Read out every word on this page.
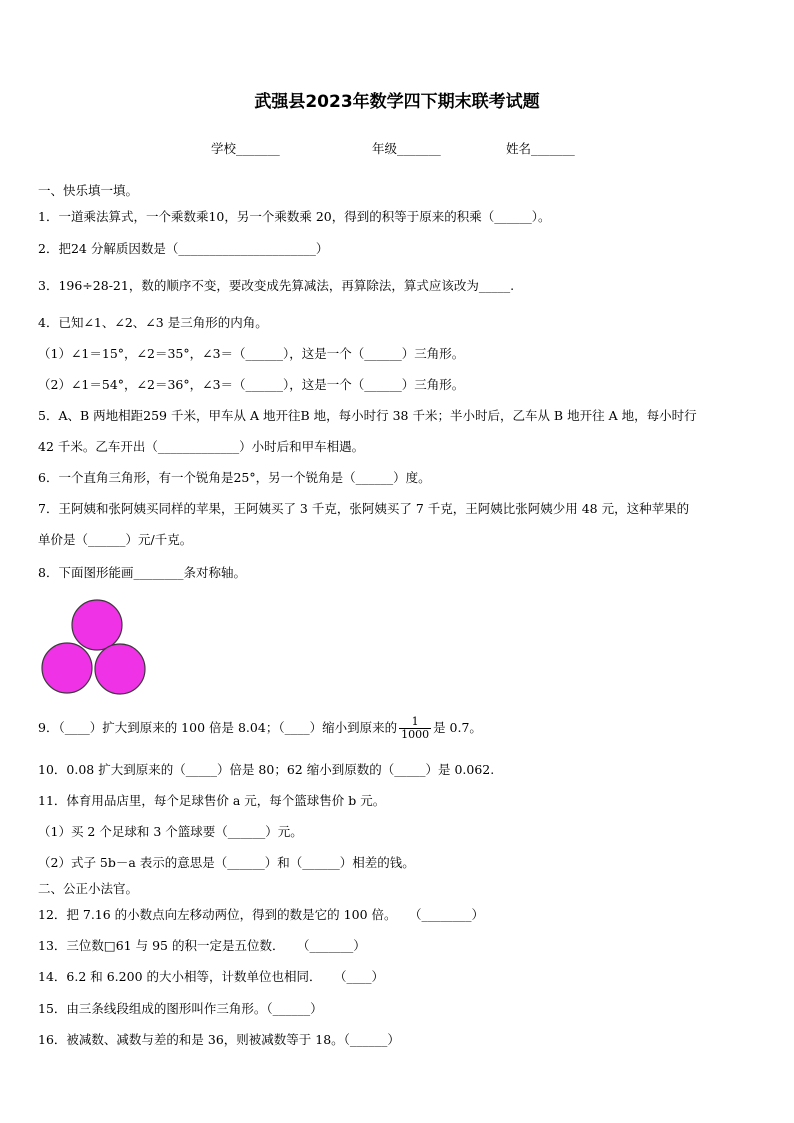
武强县2023年数学四下期末联考试题
学校_______	年级_______	姓名_______
一、快乐填一填。
1．一道乘法算式，一个乘数乘10，另一个乘数乘 20，得到的积等于原来的积乘（______）。
2．把24 分解质因数是（______________________）
3．196÷28-21，数的顺序不变，要改变成先算减法，再算除法，算式应该改为_____.
4．已知∠1、∠2、∠3 是三角形的内角。
（1）∠1＝15°，∠2＝35°，∠3＝（______），这是一个（______）三角形。
（2）∠1＝54°，∠2＝36°，∠3＝（______），这是一个（______）三角形。
5．A、B 两地相距259 千米，甲车从 A 地开往B 地，每小时行 38 千米；半小时后，乙车从 B 地开往 A 地，每小时行
42 千米。乙车开出（_____________）小时后和甲车相遇。
6．一个直角三角形，有一个锐角是25°，另一个锐角是（______）度。
7．王阿姨和张阿姨买同样的苹果，王阿姨买了 3 千克，张阿姨买了 7 千克，王阿姨比张阿姨少用 48 元，这种苹果的
单价是（______）元/千克。
8．下面图形能画________条对称轴。
9．（____）扩大到原来的 100 倍是 8.04；（____）缩小到原来的 $\frac{1}{1000}$ 是 0.7。
10．0.08 扩大到原来的（_____）倍是 80；62 缩小到原数的（_____）是 0.062.
11．体育用品店里，每个足球售价 a 元，每个篮球售价 b 元。
（1）买 2 个足球和 3 个篮球要（______）元。
（2）式子 5b－a 表示的意思是（______）和（______）相差的钱。
二、公正小法官。
12．把 7.16 的小数点向左移动两位，得到的数是它的 100 倍。　　（________）
13．三位数□61 与 95 的积一定是五位数．　　（_______）
14．6.2 和 6.200 的大小相等，计数单位也相同．　　（____）
15．由三条线段组成的图形叫作三角形。（______）
16．被减数、减数与差的和是 36，则被减数等于 18。（______）
